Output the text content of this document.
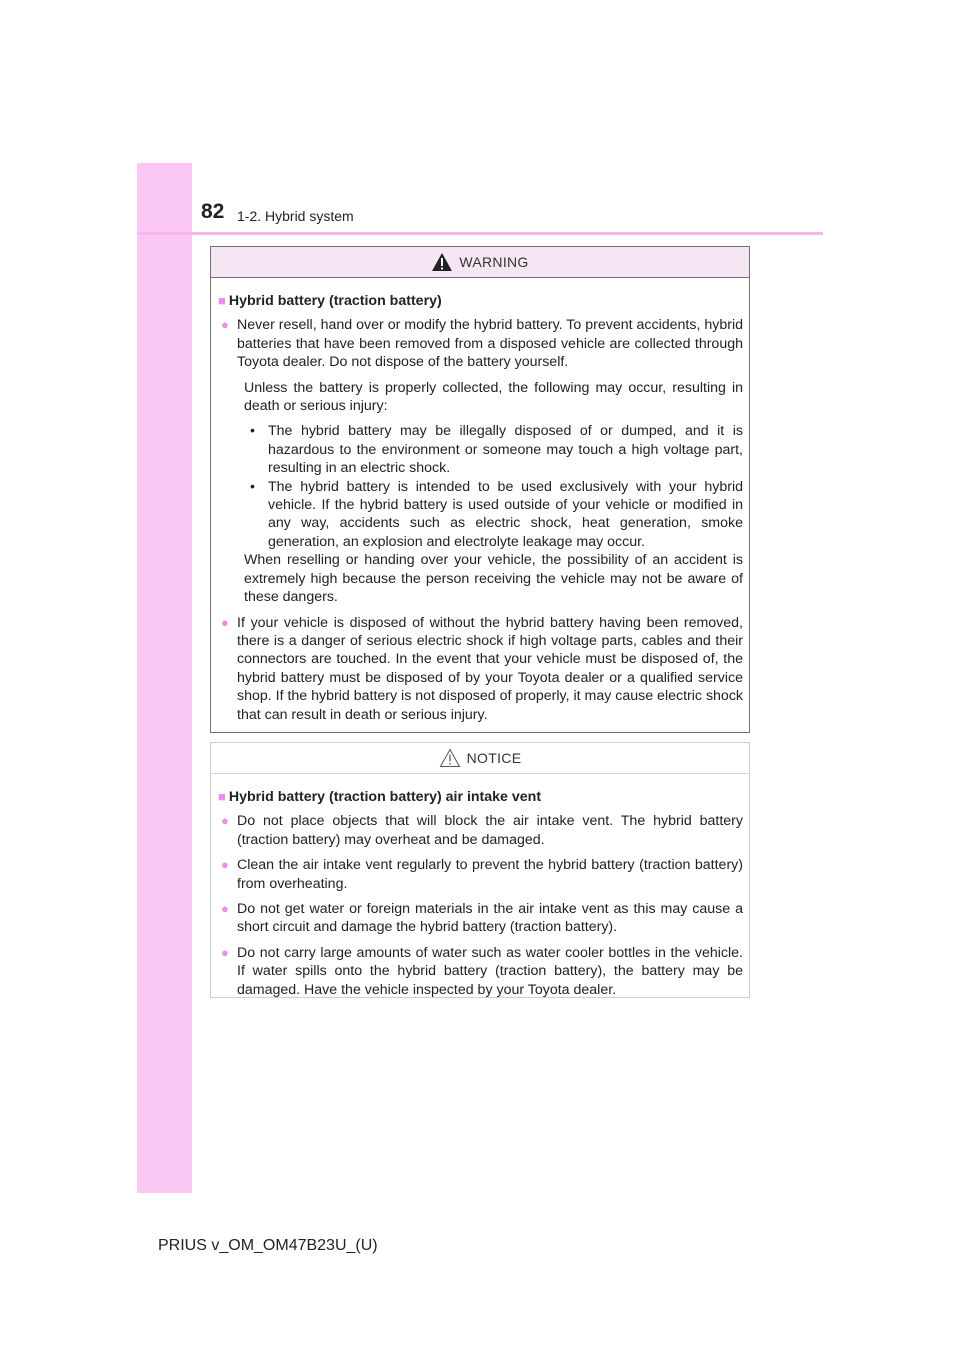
82 1-2. Hybrid system
WARNING
■ Hybrid battery (traction battery)
● Never resell, hand over or modify the hybrid battery. To prevent accidents, hybrid batteries that have been removed from a disposed vehicle are collected through Toyota dealer. Do not dispose of the battery yourself.
Unless the battery is properly collected, the following may occur, resulting in death or serious injury:
• The hybrid battery may be illegally disposed of or dumped, and it is hazardous to the environment or someone may touch a high voltage part, resulting in an electric shock.
• The hybrid battery is intended to be used exclusively with your hybrid vehicle. If the hybrid battery is used outside of your vehicle or modified in any way, accidents such as electric shock, heat generation, smoke generation, an explosion and electrolyte leakage may occur.
When reselling or handing over your vehicle, the possibility of an accident is extremely high because the person receiving the vehicle may not be aware of these dangers.
● If your vehicle is disposed of without the hybrid battery having been removed, there is a danger of serious electric shock if high voltage parts, cables and their connectors are touched. In the event that your vehicle must be disposed of, the hybrid battery must be disposed of by your Toyota dealer or a qualified service shop. If the hybrid battery is not disposed of properly, it may cause electric shock that can result in death or serious injury.
NOTICE
■ Hybrid battery (traction battery) air intake vent
● Do not place objects that will block the air intake vent. The hybrid battery (traction battery) may overheat and be damaged.
● Clean the air intake vent regularly to prevent the hybrid battery (traction battery) from overheating.
● Do not get water or foreign materials in the air intake vent as this may cause a short circuit and damage the hybrid battery (traction battery).
● Do not carry large amounts of water such as water cooler bottles in the vehicle. If water spills onto the hybrid battery (traction battery), the battery may be damaged. Have the vehicle inspected by your Toyota dealer.
PRIUS v_OM_OM47B23U_(U)
